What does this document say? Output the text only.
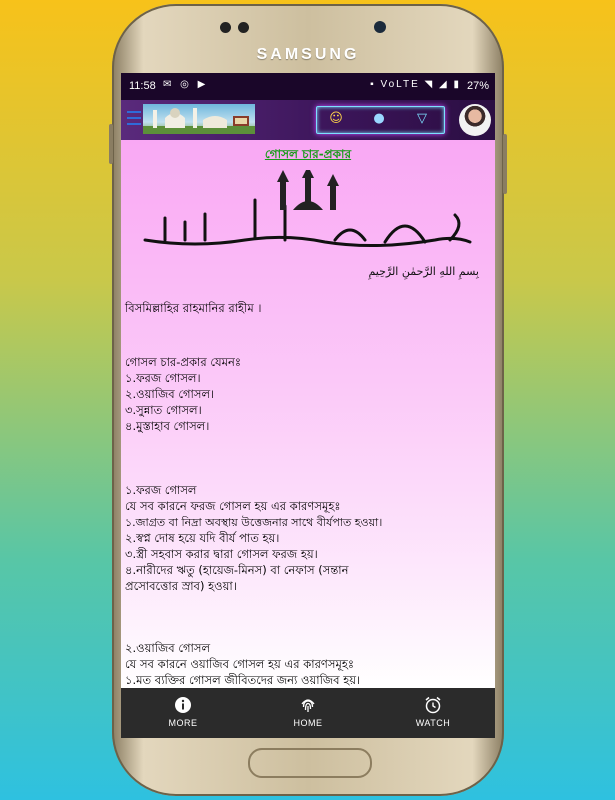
SAMSUNG
11:58 ✉ ◎ ▶	▪ VoLTE ◥ ◢ ▮ 27%
☺	●	▽
গোসল চার-প্রকার
بِسمِ اللهِ الرَّحمٰنِ الرَّحِيمِ
বিসমিল্লাহির রাহমানির রাহীম ।
গোসল চার-প্রকার যেমনঃ
১.ফরজ গোসল।
২.ওয়াজিব গোসল।
৩.সুন্নাত গোসল।
৪.মুস্তাহাব গোসল।
১.ফরজ গোসল
যে সব কারনে ফরজ গোসল হয় এর কারণসমূহঃ
১.জাগ্রত বা নিদ্রা অবস্থায় উত্তেজনার সাথে বীর্যপাত হওয়া।
২.স্বপ্ন দোষ হয়ে যদি বীর্য পাত হয়।
৩.স্ত্রী সহবাস করার দ্বারা গোসল ফরজ হয়।
৪.নারীদের ঋতু (হায়েজ-মিনস) বা নেফাস (সন্তান
প্রসোবত্তোর স্রাব) হওয়া।
২.ওয়াজিব গোসল
যে সব কারনে ওয়াজিব গোসল হয় এর কারণসমূহঃ
১.মত ব্যক্তির গোসল জীবিতদের জন্য ওয়াজিব হয়।
MORE	HOME	WATCH
